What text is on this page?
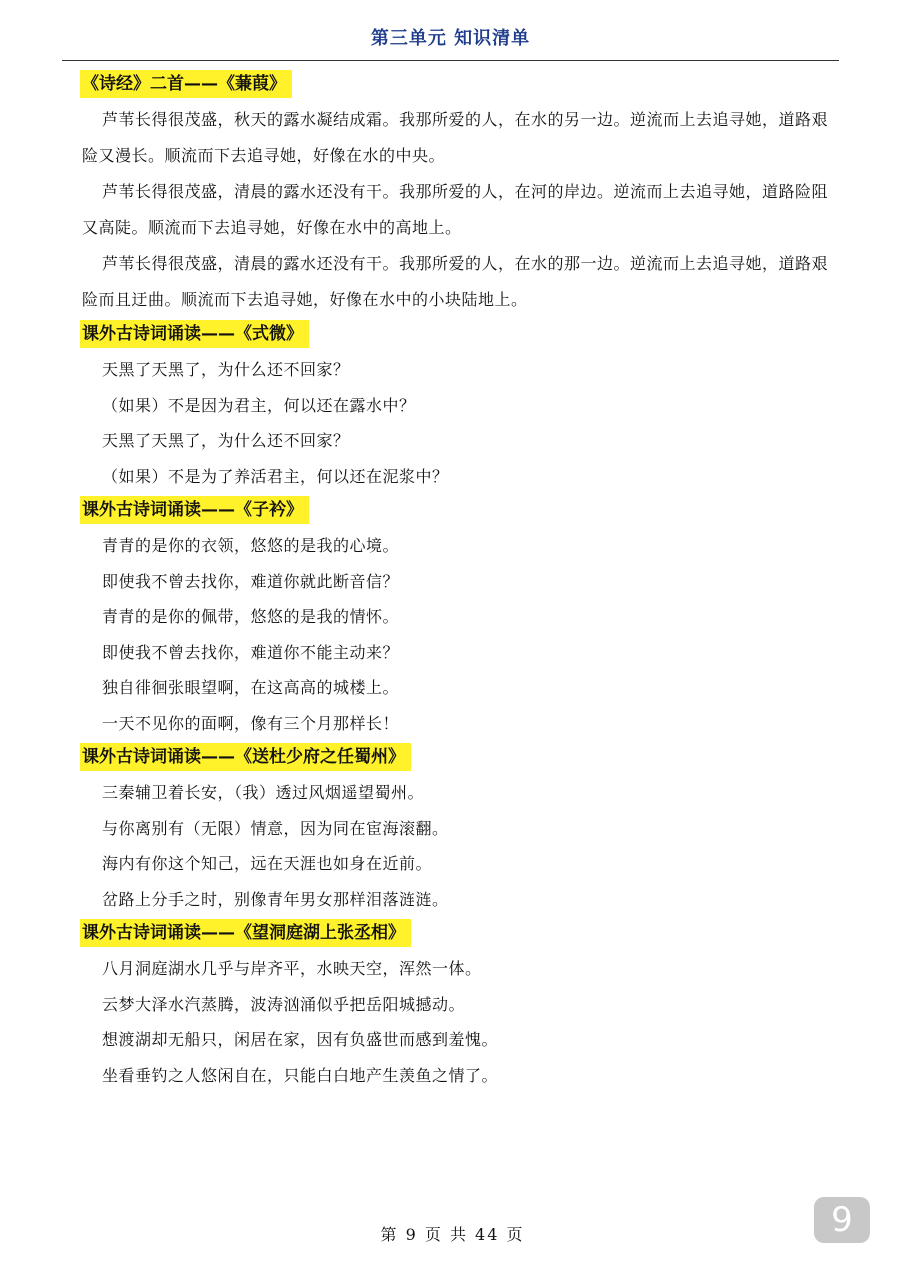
第三单元 知识清单
《诗经》二首——《蒹葭》

芦苇长得很茂盛，秋天的露水凝结成霜。我那所爱的人，在水的另一边。逆流而上去追寻她，道路艰险又漫长。顺流而下去追寻她，好像在水的中央。

芦苇长得很茂盛，清晨的露水还没有干。我那所爱的人，在河的岸边。逆流而上去追寻她，道路险阻又高陡。顺流而下去追寻她，好像在水中的高地上。

芦苇长得很茂盛，清晨的露水还没有干。我那所爱的人，在水的那一边。逆流而上去追寻她，道路艰险而且迂曲。顺流而下去追寻她，好像在水中的小块陆地上。

课外古诗词诵读——《式微》

天黑了天黑了，为什么还不回家？

（如果）不是因为君主，何以还在露水中？

天黑了天黑了，为什么还不回家？

（如果）不是为了养活君主，何以还在泥浆中？

课外古诗词诵读——《子衿》

青青的是你的衣领，悠悠的是我的心境。

即使我不曾去找你，难道你就此断音信？

青青的是你的佩带，悠悠的是我的情怀。

即使我不曾去找你，难道你不能主动来？

独自徘徊张眼望啊，在这高高的城楼上。

一天不见你的面啊，像有三个月那样长！

课外古诗词诵读——《送杜少府之任蜀州》

三秦辅卫着长安，（我）透过风烟遥望蜀州。

与你离别有（无限）情意，因为同在宦海滚翻。

海内有你这个知己，远在天涯也如身在近前。

岔路上分手之时，别像青年男女那样泪落涟涟。

课外古诗词诵读——《望洞庭湖上张丞相》

八月洞庭湖水几乎与岸齐平，水映天空，浑然一体。

云梦大泽水汽蒸腾，波涛汹涌似乎把岳阳城撼动。

想渡湖却无船只，闲居在家，因有负盛世而感到羞愧。

坐看垂钓之人悠闲自在，只能白白地产生羡鱼之情了。

9
第 9 页 共 44 页
